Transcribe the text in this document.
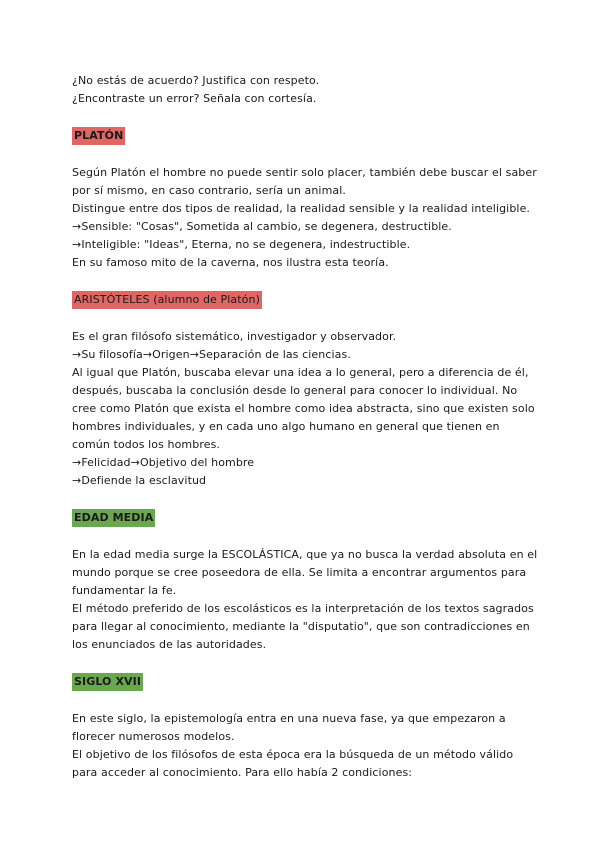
¿No estás de acuerdo? Justifica con respeto.

¿Encontraste un error? Señala con cortesía.

PLATÓN

Según Platón el hombre no puede sentir solo placer, también debe buscar el saber por sí mismo, en caso contrario, sería un animal.

Distingue entre dos tipos de realidad, la realidad sensible y la realidad inteligible.

→Sensible: "Cosas", Sometida al cambio, se degenera, destructible.

→Inteligible: "Ideas", Eterna, no se degenera, indestructible.

En su famoso mito de la caverna, nos ilustra esta teoría.

ARISTÓTELES (alumno de Platón)

Es el gran filósofo sistemático, investigador y observador.

→Su filosofía→Origen→Separación de las ciencias.

Al igual que Platón, buscaba elevar una idea a lo general, pero a diferencia de él, después, buscaba la conclusión desde lo general para conocer lo individual. No cree como Platón que exista el hombre como idea abstracta, sino que existen solo hombres individuales, y en cada uno algo humano en general que tienen en común todos los hombres.

→Felicidad→Objetivo del hombre

→Defiende la esclavitud

EDAD MEDIA

En la edad media surge la ESCOLÁSTICA, que ya no busca la verdad absoluta en el mundo porque se cree poseedora de ella. Se limita a encontrar argumentos para fundamentar la fe.

El método preferido de los escolásticos es la interpretación de los textos sagrados para llegar al conocimiento, mediante la "disputatio", que son contradicciones en los enunciados de las autoridades.

SIGLO XVII

En este siglo, la epistemología entra en una nueva fase, ya que empezaron a florecer numerosos modelos.

El objetivo de los filósofos de esta época era la búsqueda de un método válido para acceder al conocimiento. Para ello había 2 condiciones:
